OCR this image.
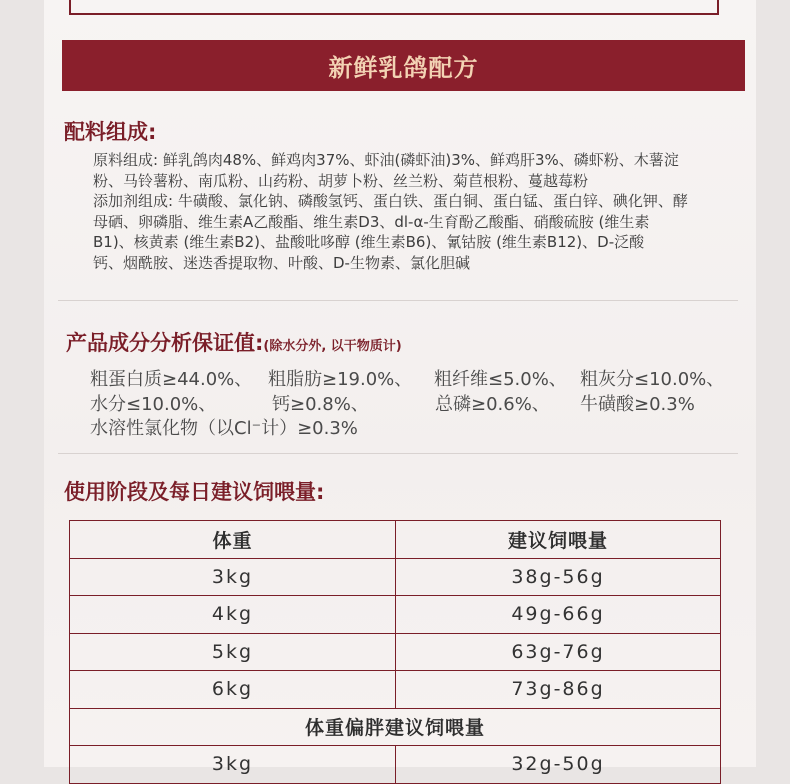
新鲜乳鸽配方
配料组成:

原料组成: 鲜乳鸽肉48%、鲜鸡肉37%、虾油(磷虾油)3%、鲜鸡肝3%、磷虾粉、木薯淀

粉、马铃薯粉、南瓜粉、山药粉、胡萝卜粉、丝兰粉、菊苣根粉、蔓越莓粉

添加剂组成: 牛磺酸、氯化钠、磷酸氢钙、蛋白铁、蛋白铜、蛋白锰、蛋白锌、碘化钾、酵

母硒、卵磷脂、维生素A乙酸酯、维生素D3、dl-α-生育酚乙酸酯、硝酸硫胺 (维生素

B1)、核黄素 (维生素B2)、盐酸吡哆醇 (维生素B6)、氰钴胺 (维生素B12)、D-泛酸

钙、烟酰胺、迷迭香提取物、叶酸、D-生物素、氯化胆碱

产品成分分析保证值:(除水分外, 以干物质计)
粗蛋白质≥44.0%、 粗脂肪≥19.0%、	粗纤维≤5.0%、 粗灰分≤10.0%、
水分≤10.0%、	钙≥0.8%、	总磷≥0.6%、	牛磺酸≥0.3%
水溶性氯化物（以Cl⁻计）≥0.3%
使用阶段及每日建议饲喂量:
体重	建议饲喂量
3kg	38g-56g
4kg	49g-66g
5kg	63g-76g
6kg	73g-86g
体重偏胖建议饲喂量	
3kg	32g-50g
